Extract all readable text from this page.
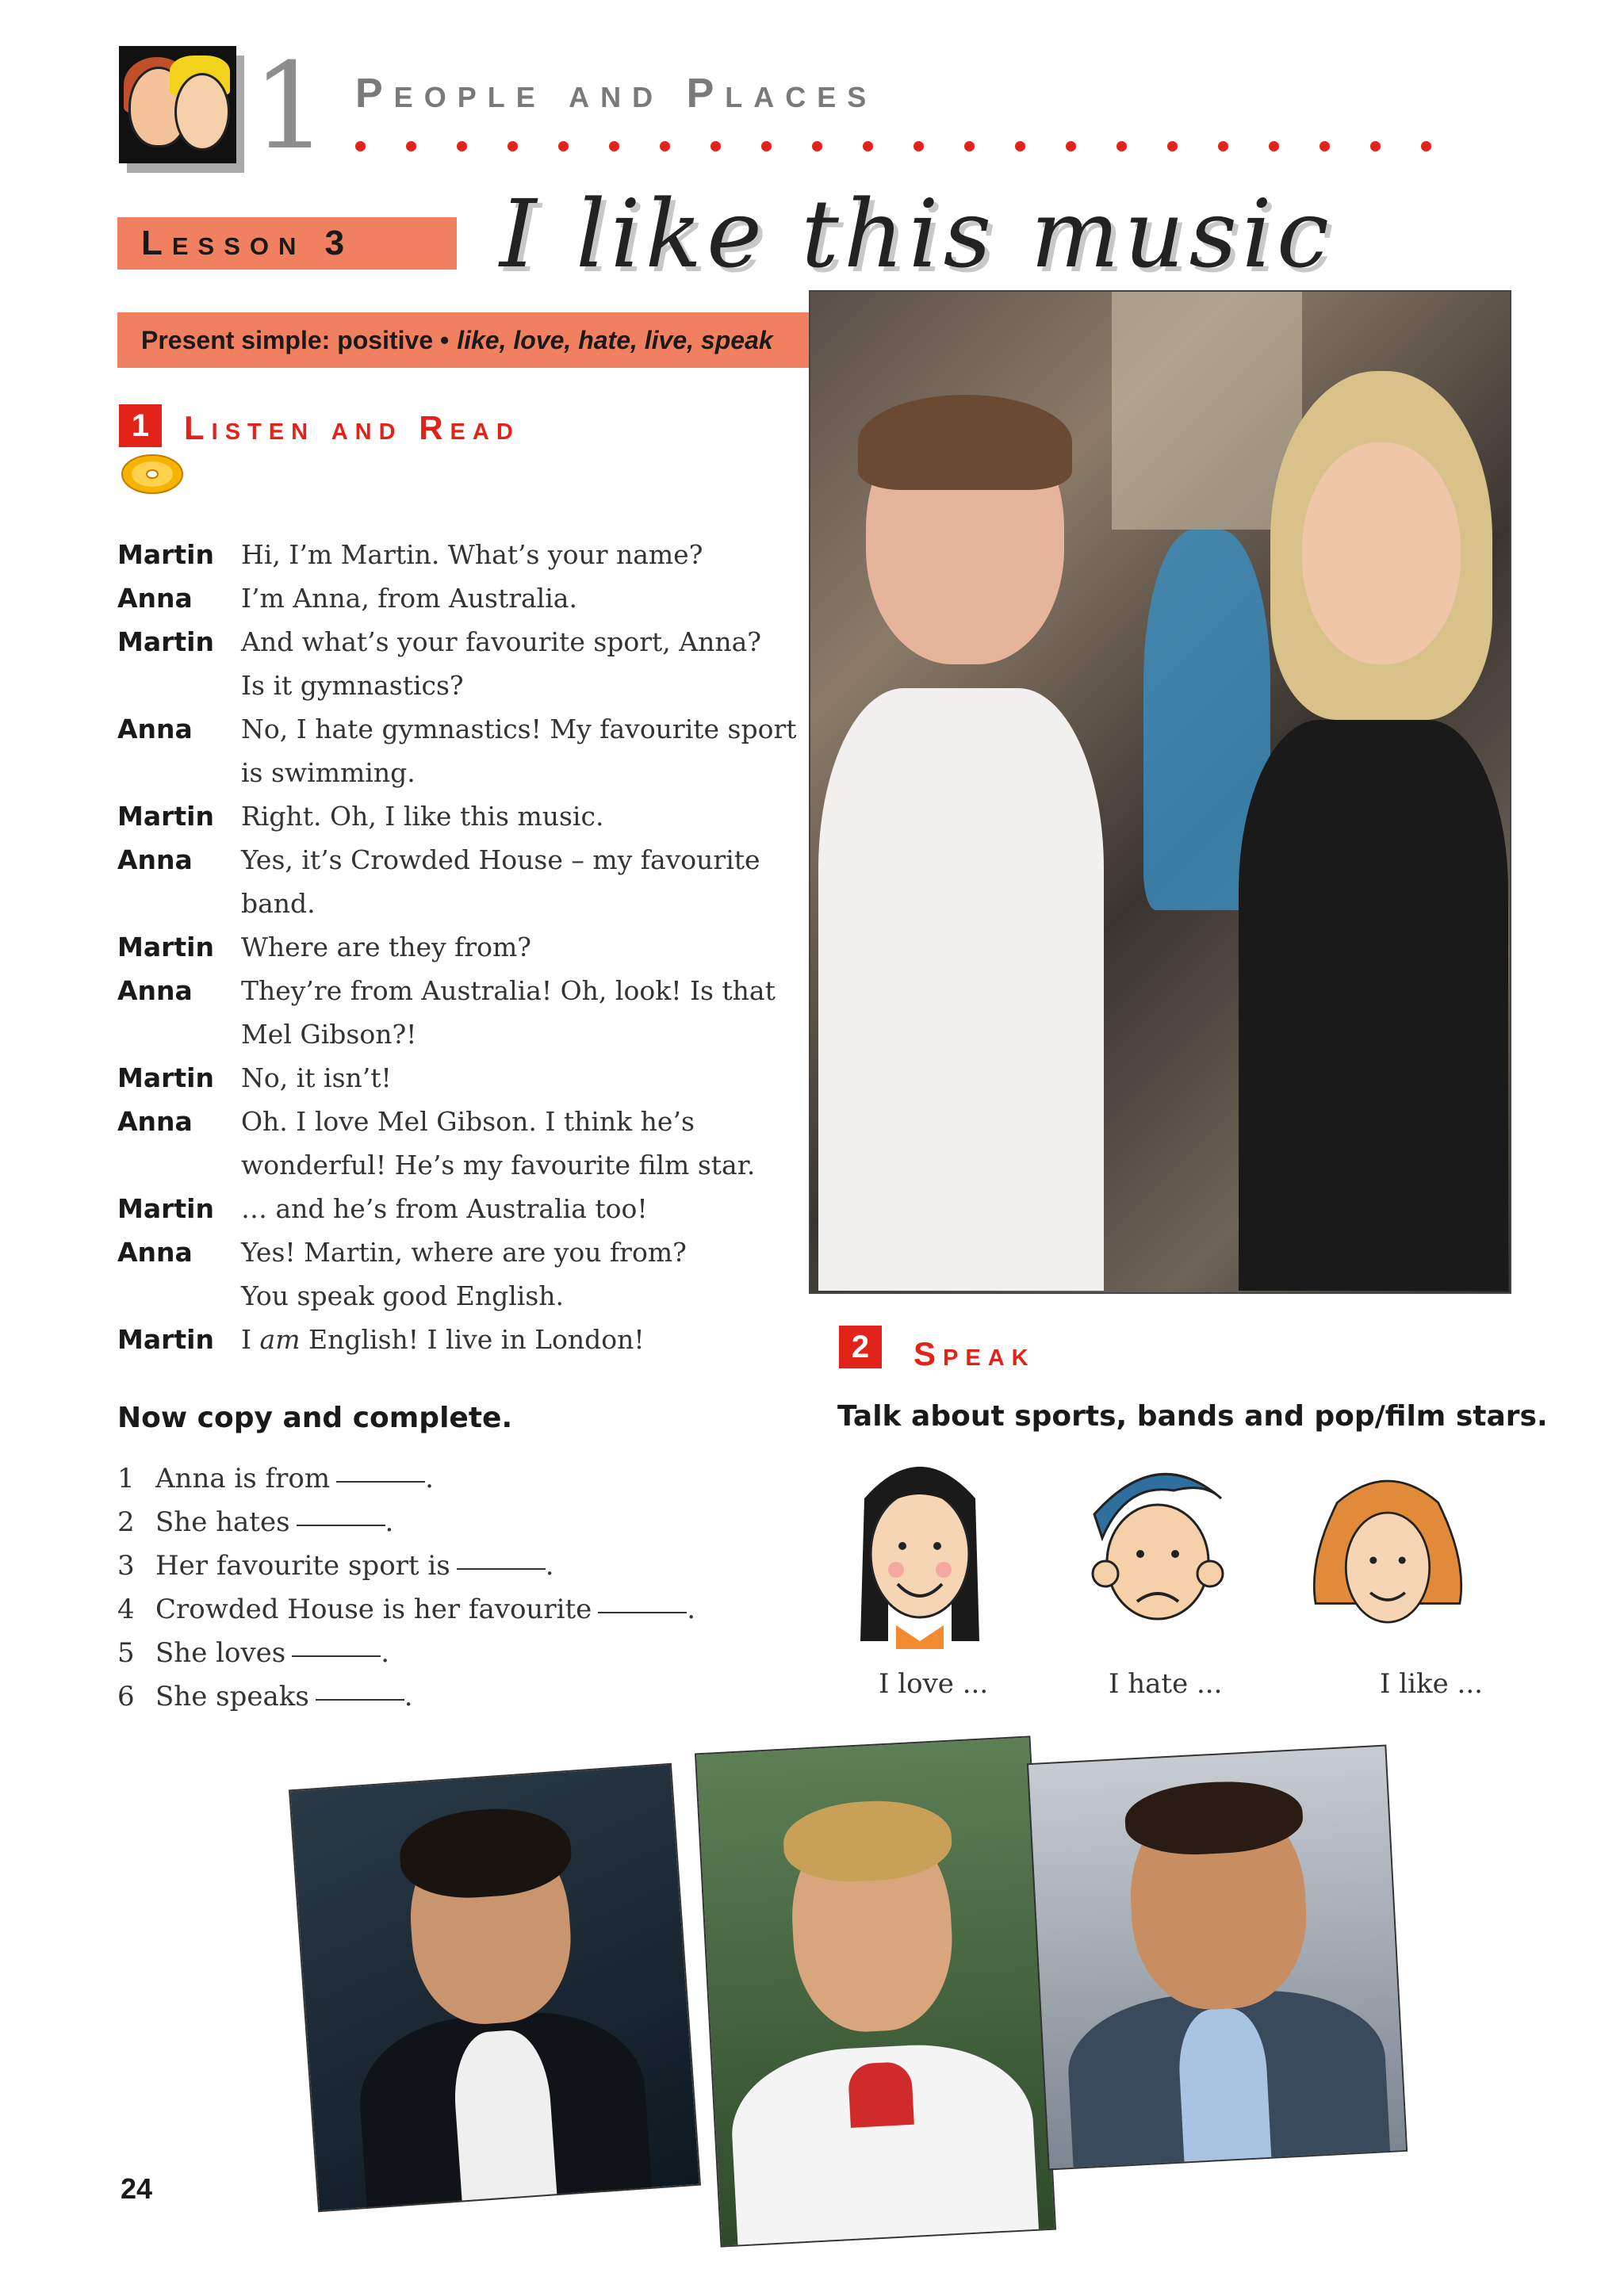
1 People and Places
Lesson 3 I like this music
Present simple: positive • like, love, hate, live, speak
1	Listen and Read
Martin	Hi, I’m Martin. What’s your name?
Anna	I’m Anna, from Australia.
Martin	And what’s your favourite sport, Anna?
Is it gymnastics?
Anna	No, I hate gymnastics! My favourite sport
is swimming.
Martin	Right. Oh, I like this music.
Anna	Yes, it’s Crowded House – my favourite
band.
Martin	Where are they from?
Anna	They’re from Australia! Oh, look! Is that
Mel Gibson?!
Martin	No, it isn’t!
Anna	Oh. I love Mel Gibson. I think he’s
wonderful! He’s my favourite film star.
Martin	… and he’s from Australia too!
Anna	Yes! Martin, where are you from?
You speak good English.
Martin	I am English! I live in London!
Now copy and complete.
1 Anna is from	.
2 She hates	.
3 Her favourite sport is	.
4 Crowded House is her favourite	.
5 She loves	.
6 She speaks	.
2	Speak
Talk about sports, bands and pop/film stars.
I love ...	I hate ...	I like ...
24
